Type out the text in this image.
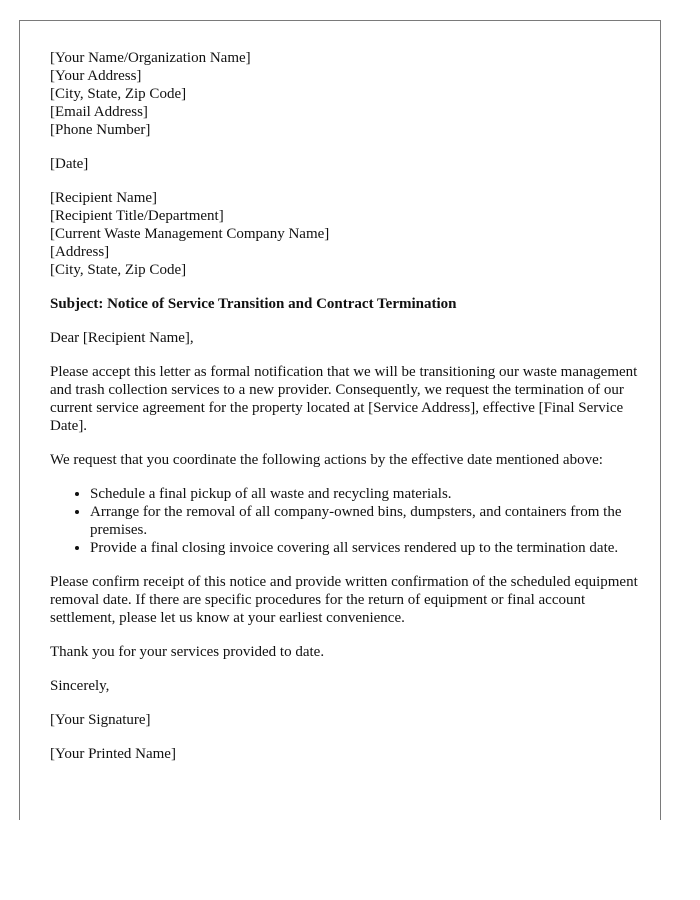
[Your Name/Organization Name]
[Your Address]
[City, State, Zip Code]
[Email Address]
[Phone Number]
[Date]
[Recipient Name]
[Recipient Title/Department]
[Current Waste Management Company Name]
[Address]
[City, State, Zip Code]
Subject: Notice of Service Transition and Contract Termination
Dear [Recipient Name],
Please accept this letter as formal notification that we will be transitioning our waste management and trash collection services to a new provider. Consequently, we request the termination of our current service agreement for the property located at [Service Address], effective [Final Service Date].
We request that you coordinate the following actions by the effective date mentioned above:
• Schedule a final pickup of all waste and recycling materials.
• Arrange for the removal of all company-owned bins, dumpsters, and containers from the premises.
• Provide a final closing invoice covering all services rendered up to the termination date.
Please confirm receipt of this notice and provide written confirmation of the scheduled equipment removal date. If there are specific procedures for the return of equipment or final account settlement, please let us know at your earliest convenience.
Thank you for your services provided to date.
Sincerely,
[Your Signature]
[Your Printed Name]
